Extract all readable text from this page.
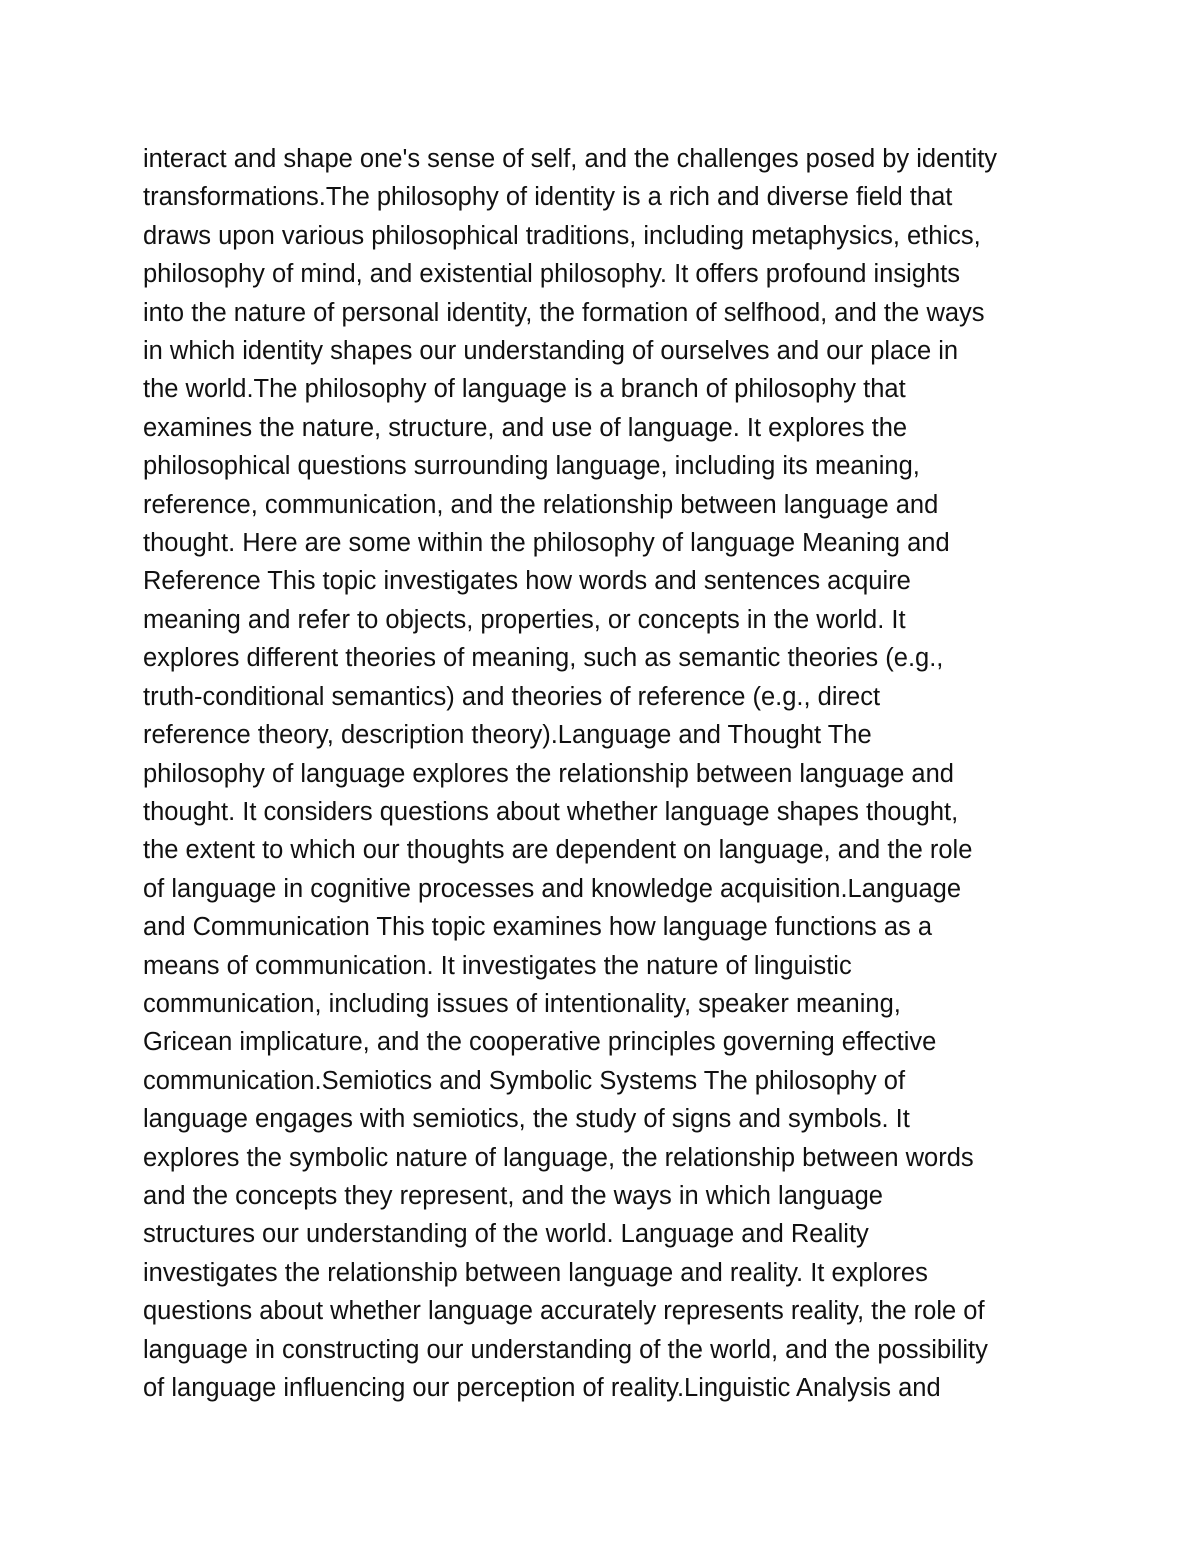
interact and shape one's sense of self, and the challenges posed by identity
transformations.The philosophy of identity is a rich and diverse field that
draws upon various philosophical traditions, including metaphysics, ethics,
philosophy of mind, and existential philosophy. It offers profound insights
into the nature of personal identity, the formation of selfhood, and the ways
in which identity shapes our understanding of ourselves and our place in
the world.The philosophy of language is a branch of philosophy that
examines the nature, structure, and use of language. It explores the
philosophical questions surrounding language, including its meaning,
reference, communication, and the relationship between language and
thought. Here are some within the philosophy of language Meaning and
Reference This topic investigates how words and sentences acquire
meaning and refer to objects, properties, or concepts in the world. It
explores different theories of meaning, such as semantic theories (e.g.,
truth-conditional semantics) and theories of reference (e.g., direct
reference theory, description theory).Language and Thought The
philosophy of language explores the relationship between language and
thought. It considers questions about whether language shapes thought,
the extent to which our thoughts are dependent on language, and the role
of language in cognitive processes and knowledge acquisition.Language
and Communication This topic examines how language functions as a
means of communication. It investigates the nature of linguistic
communication, including issues of intentionality, speaker meaning,
Gricean implicature, and the cooperative principles governing effective
communication.Semiotics and Symbolic Systems The philosophy of
language engages with semiotics, the study of signs and symbols. It
explores the symbolic nature of language, the relationship between words
and the concepts they represent, and the ways in which language
structures our understanding of the world. Language and Reality
investigates the relationship between language and reality. It explores
questions about whether language accurately represents reality, the role of
language in constructing our understanding of the world, and the possibility
of language influencing our perception of reality.Linguistic Analysis and
